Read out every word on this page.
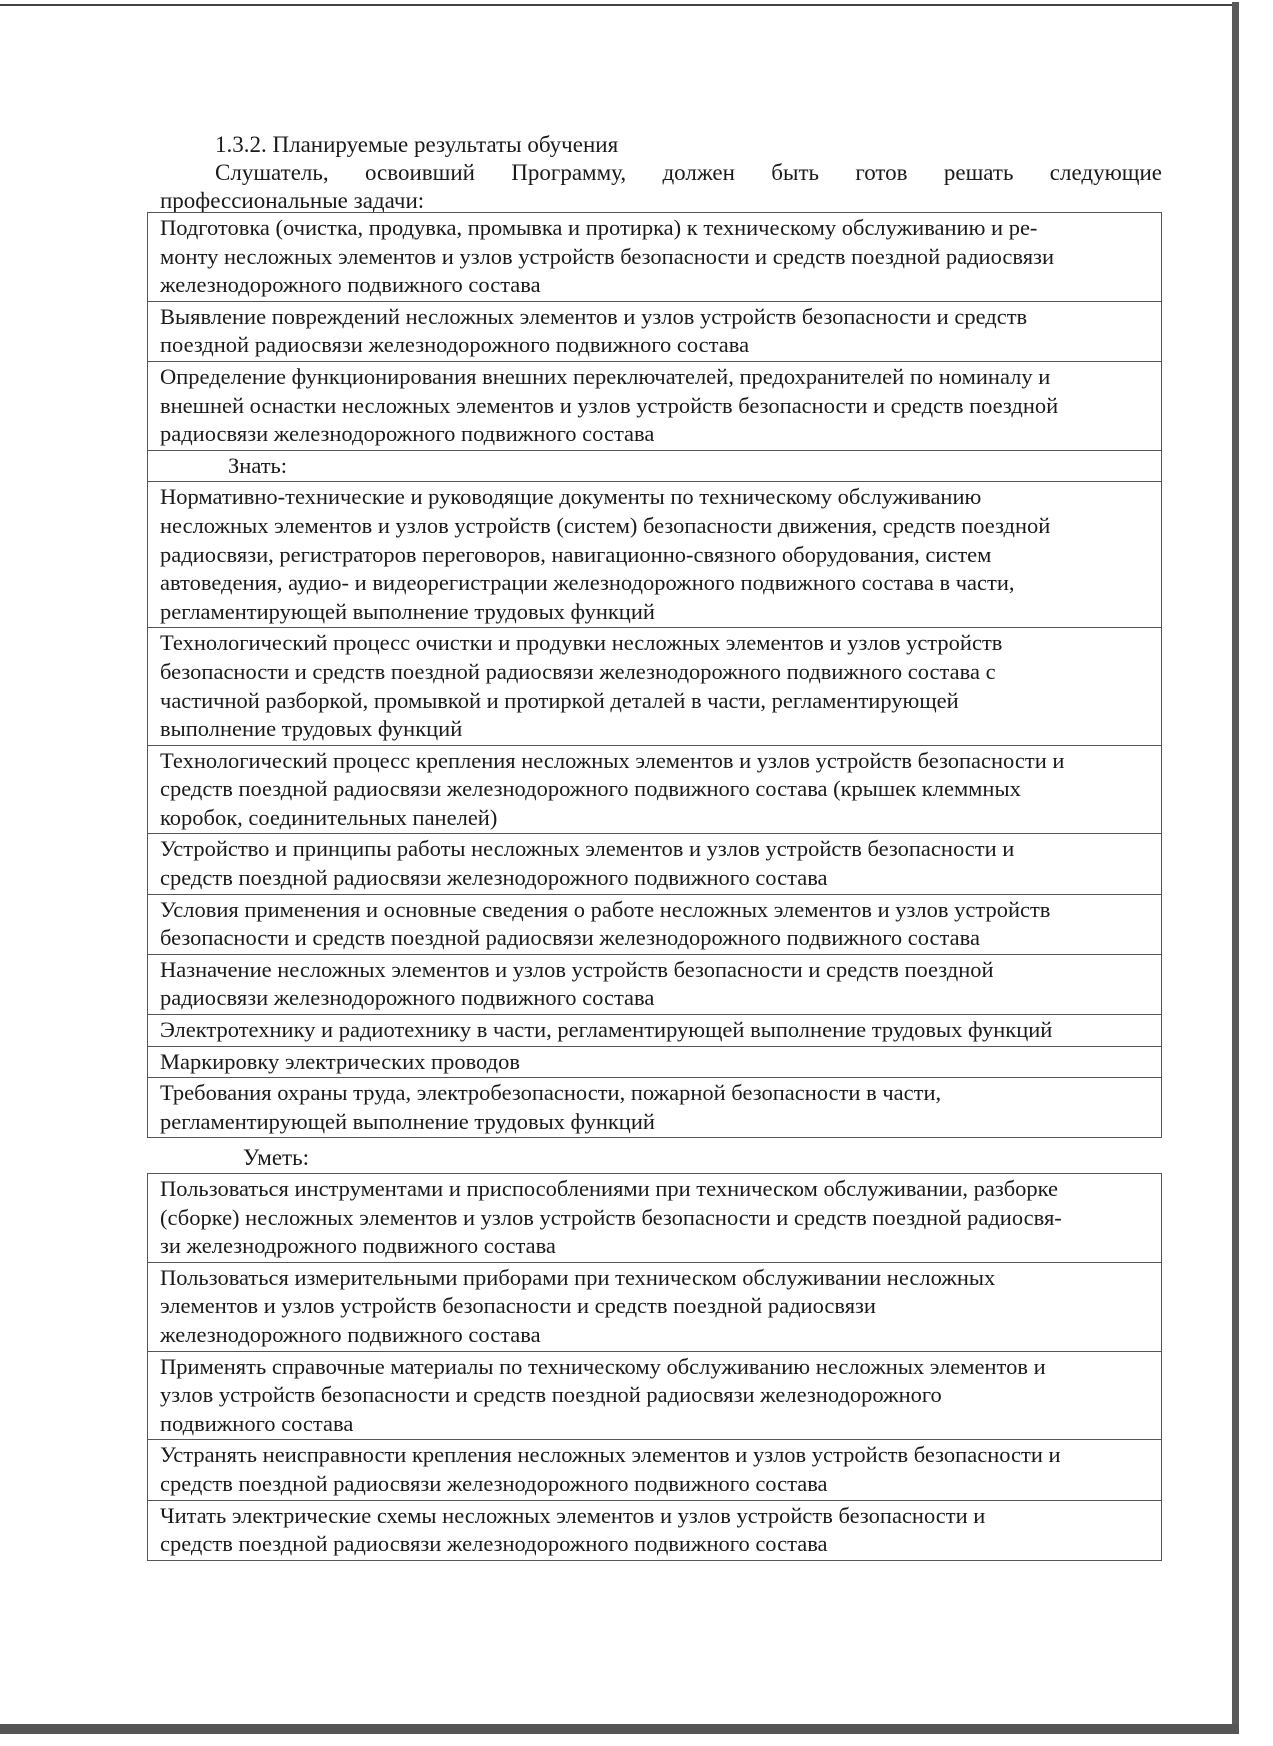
1.3.2. Планируемые результаты обучения
Слушатель, освоивший Программу, должен быть готов решать следующие
профессиональные задачи:
Подготовка (очистка, продувка, промывка и протирка) к техническому обслуживанию и ре-
монту несложных элементов и узлов устройств безопасности и средств поездной радиосвязи
железнодорожного подвижного состава

Выявление повреждений несложных элементов и узлов устройств безопасности и средств
поездной радиосвязи железнодорожного подвижного состава

Определение функционирования внешних переключателей, предохранителей по номиналу и
внешней оснастки несложных элементов и узлов устройств безопасности и средств поездной
радиосвязи железнодорожного подвижного состава

Знать:

Нормативно-технические и руководящие документы по техническому обслуживанию
несложных элементов и узлов устройств (систем) безопасности движения, средств поездной
радиосвязи, регистраторов переговоров, навигационно-связного оборудования, систем
автоведения, аудио- и видеорегистрации железнодорожного подвижного состава в части,
регламентирующей выполнение трудовых функций

Технологический процесс очистки и продувки несложных элементов и узлов устройств
безопасности и средств поездной радиосвязи железнодорожного подвижного состава с
частичной разборкой, промывкой и протиркой деталей в части, регламентирующей
выполнение трудовых функций

Технологический процесс крепления несложных элементов и узлов устройств безопасности и
средств поездной радиосвязи железнодорожного подвижного состава (крышек клеммных
коробок, соединительных панелей)

Устройство и принципы работы несложных элементов и узлов устройств безопасности и
средств поездной радиосвязи железнодорожного подвижного состава

Условия применения и основные сведения о работе несложных элементов и узлов устройств
безопасности и средств поездной радиосвязи железнодорожного подвижного состава

Назначение несложных элементов и узлов устройств безопасности и средств поездной
радиосвязи железнодорожного подвижного состава

Электротехнику и радиотехнику в части, регламентирующей выполнение трудовых функций

Маркировку электрических проводов

Требования охраны труда, электробезопасности, пожарной безопасности в части,
регламентирующей выполнение трудовых функций
Уметь:
Пользоваться инструментами и приспособлениями при техническом обслуживании, разборке
(сборке) несложных элементов и узлов устройств безопасности и средств поездной радиосвя-
зи железнодрожного подвижного состава

Пользоваться измерительными приборами при техническом обслуживании несложных
элементов и узлов устройств безопасности и средств поездной радиосвязи
железнодорожного подвижного состава

Применять справочные материалы по техническому обслуживанию несложных элементов и
узлов устройств безопасности и средств поездной радиосвязи железнодорожного
подвижного состава

Устранять неисправности крепления несложных элементов и узлов устройств безопасности и
средств поездной радиосвязи железнодорожного подвижного состава

Читать электрические схемы несложных элементов и узлов устройств безопасности и
средств поездной радиосвязи железнодорожного подвижного состава
